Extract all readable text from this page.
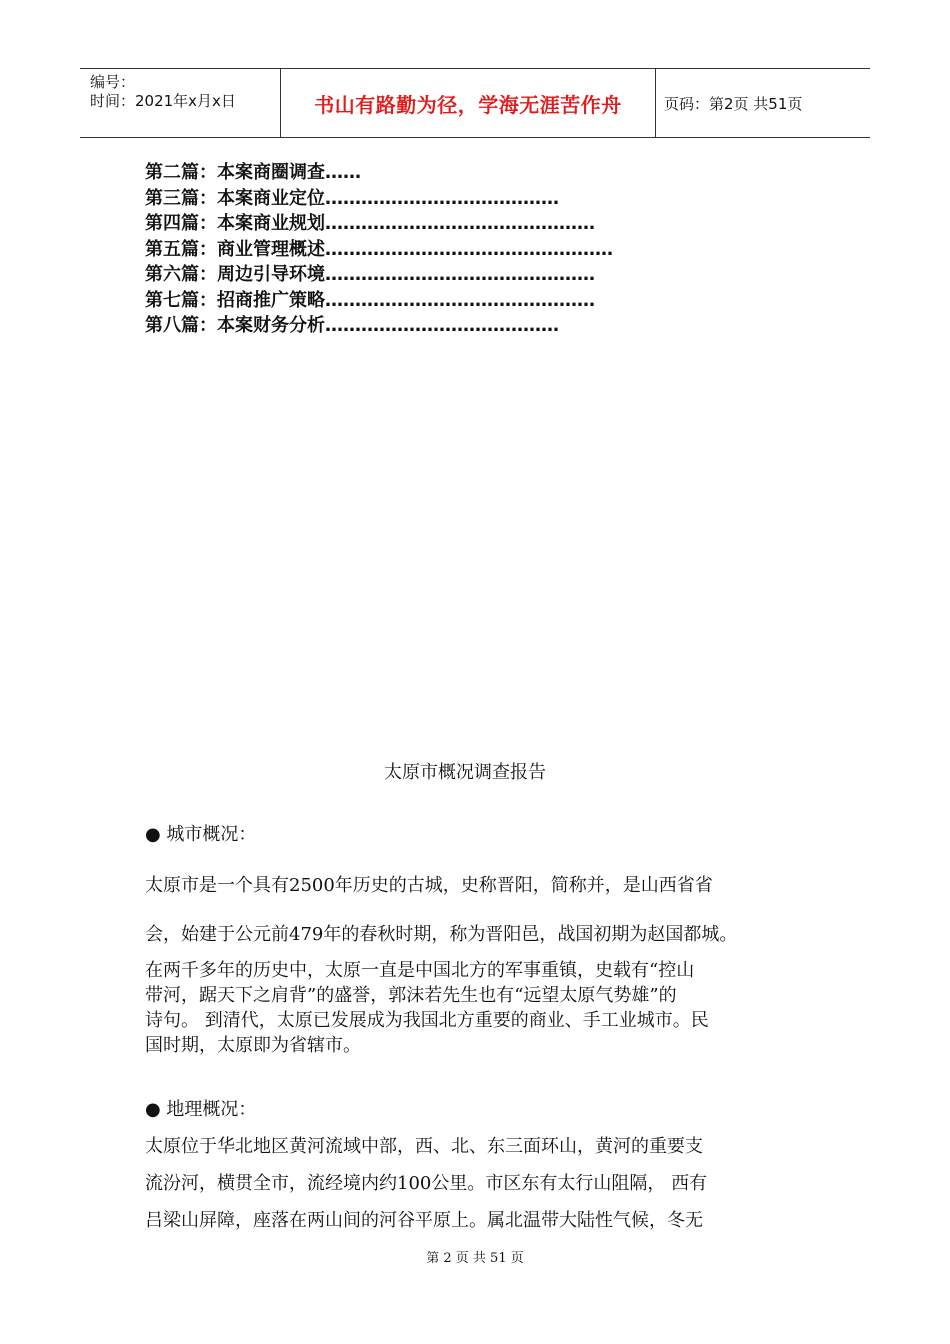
编号：
时间：2021年x月x日	书山有路勤为径，学海无涯苦作舟	页码：第2页 共51页
第二篇：本案商圈调查……
第三篇：本案商业定位…………………………………
第四篇：本案商业规划………………………………………
第五篇：商业管理概述…………………………………………
第六篇：周边引导环境………………………………………
第七篇：招商推广策略………………………………………
第八篇：本案财务分析…………………………………
太原市概况调查报告
● 城市概况：
太原市是一个具有2500年历史的古城，史称晋阳，简称并，是山西省省
会，始建于公元前479年的春秋时期，称为晋阳邑，战国初期为赵国都城。
在两千多年的历史中，太原一直是中国北方的军事重镇，史载有“控山
带河，踞天下之肩背”的盛誉，郭沫若先生也有“远望太原气势雄”的
诗句。 到清代，太原已发展成为我国北方重要的商业、手工业城市。民
国时期，太原即为省辖市。
● 地理概况：
太原位于华北地区黄河流域中部，西、北、东三面环山，黄河的重要支
流汾河，横贯全市，流经境内约100公里。市区东有太行山阻隔， 西有
吕梁山屏障，座落在两山间的河谷平原上。属北温带大陆性气候，冬无
第 2 页 共 51 页
